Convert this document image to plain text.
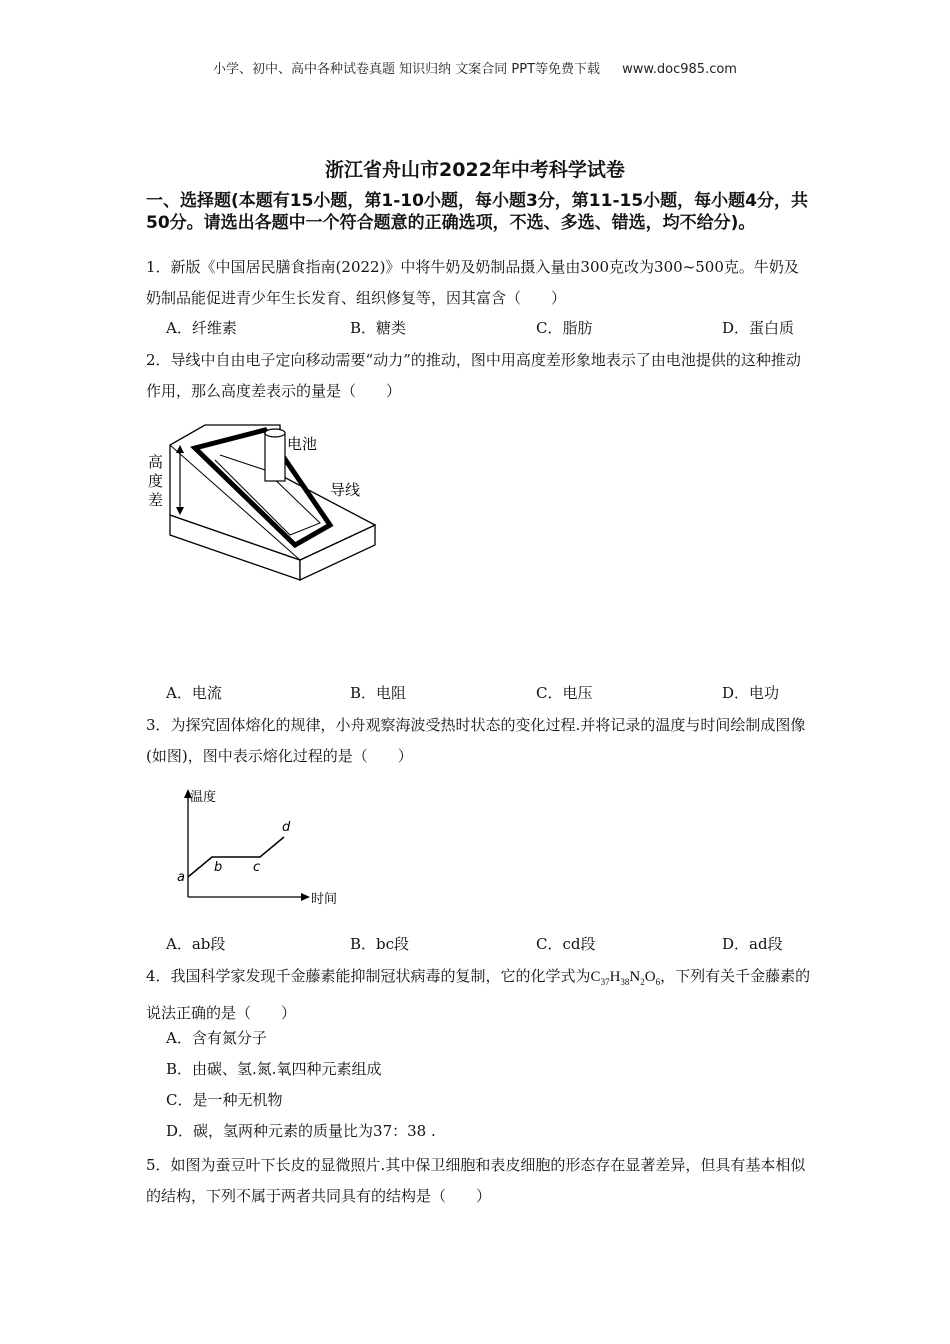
小学、初中、高中各种试卷真题 知识归纳 文案合同 PPT等免费下载 www.doc985.com
浙江省舟山市2022年中考科学试卷
一、选择题(本题有15小题，第1-10小题，每小题3分，第11-15小题，每小题4分，共50分。请选出各题中一个符合题意的正确选项，不选、多选、错选，均不给分)。
1．新版《中国居民膳食指南(2022)》中将牛奶及奶制品摄入量由300克改为300~500克。牛奶及奶制品能促进青少年生长发育、组织修复等，因其富含（　　）
A．纤维素	B．糖类	C．脂肪	D．蛋白质
2．导线中自由电子定向移动需要“动力”的推动，图中用高度差形象地表示了由电池提供的这种推动作用，那么高度差表示的量是（　　）
电池
导线
高
度
差
A．电流	B．电阻	C．电压	D．电功
3．为探究固体熔化的规律，小舟观察海波受热时状态的变化过程.并将记录的温度与时间绘制成图像(如图)，图中表示熔化过程的是（　　）
温度
时间
a
b c
d
A．ab段	B．bc段	C．cd段	D．ad段
4．我国科学家发现千金藤素能抑制冠状病毒的复制，它的化学式为$C_{37}H_{38}N_2O_6$，下列有关千金藤素的说法正确的是（　　）
A．含有氮分子
B．由碳、氢.氮.氧四种元素组成
C．是一种无机物
D．碳，氢两种元素的质量比为37：38 .
5．如图为蚕豆叶下长皮的显微照片.其中保卫细胞和表皮细胞的形态存在显著差异，但具有基本相似的结构，下列不属于两者共同具有的结构是（　　）
